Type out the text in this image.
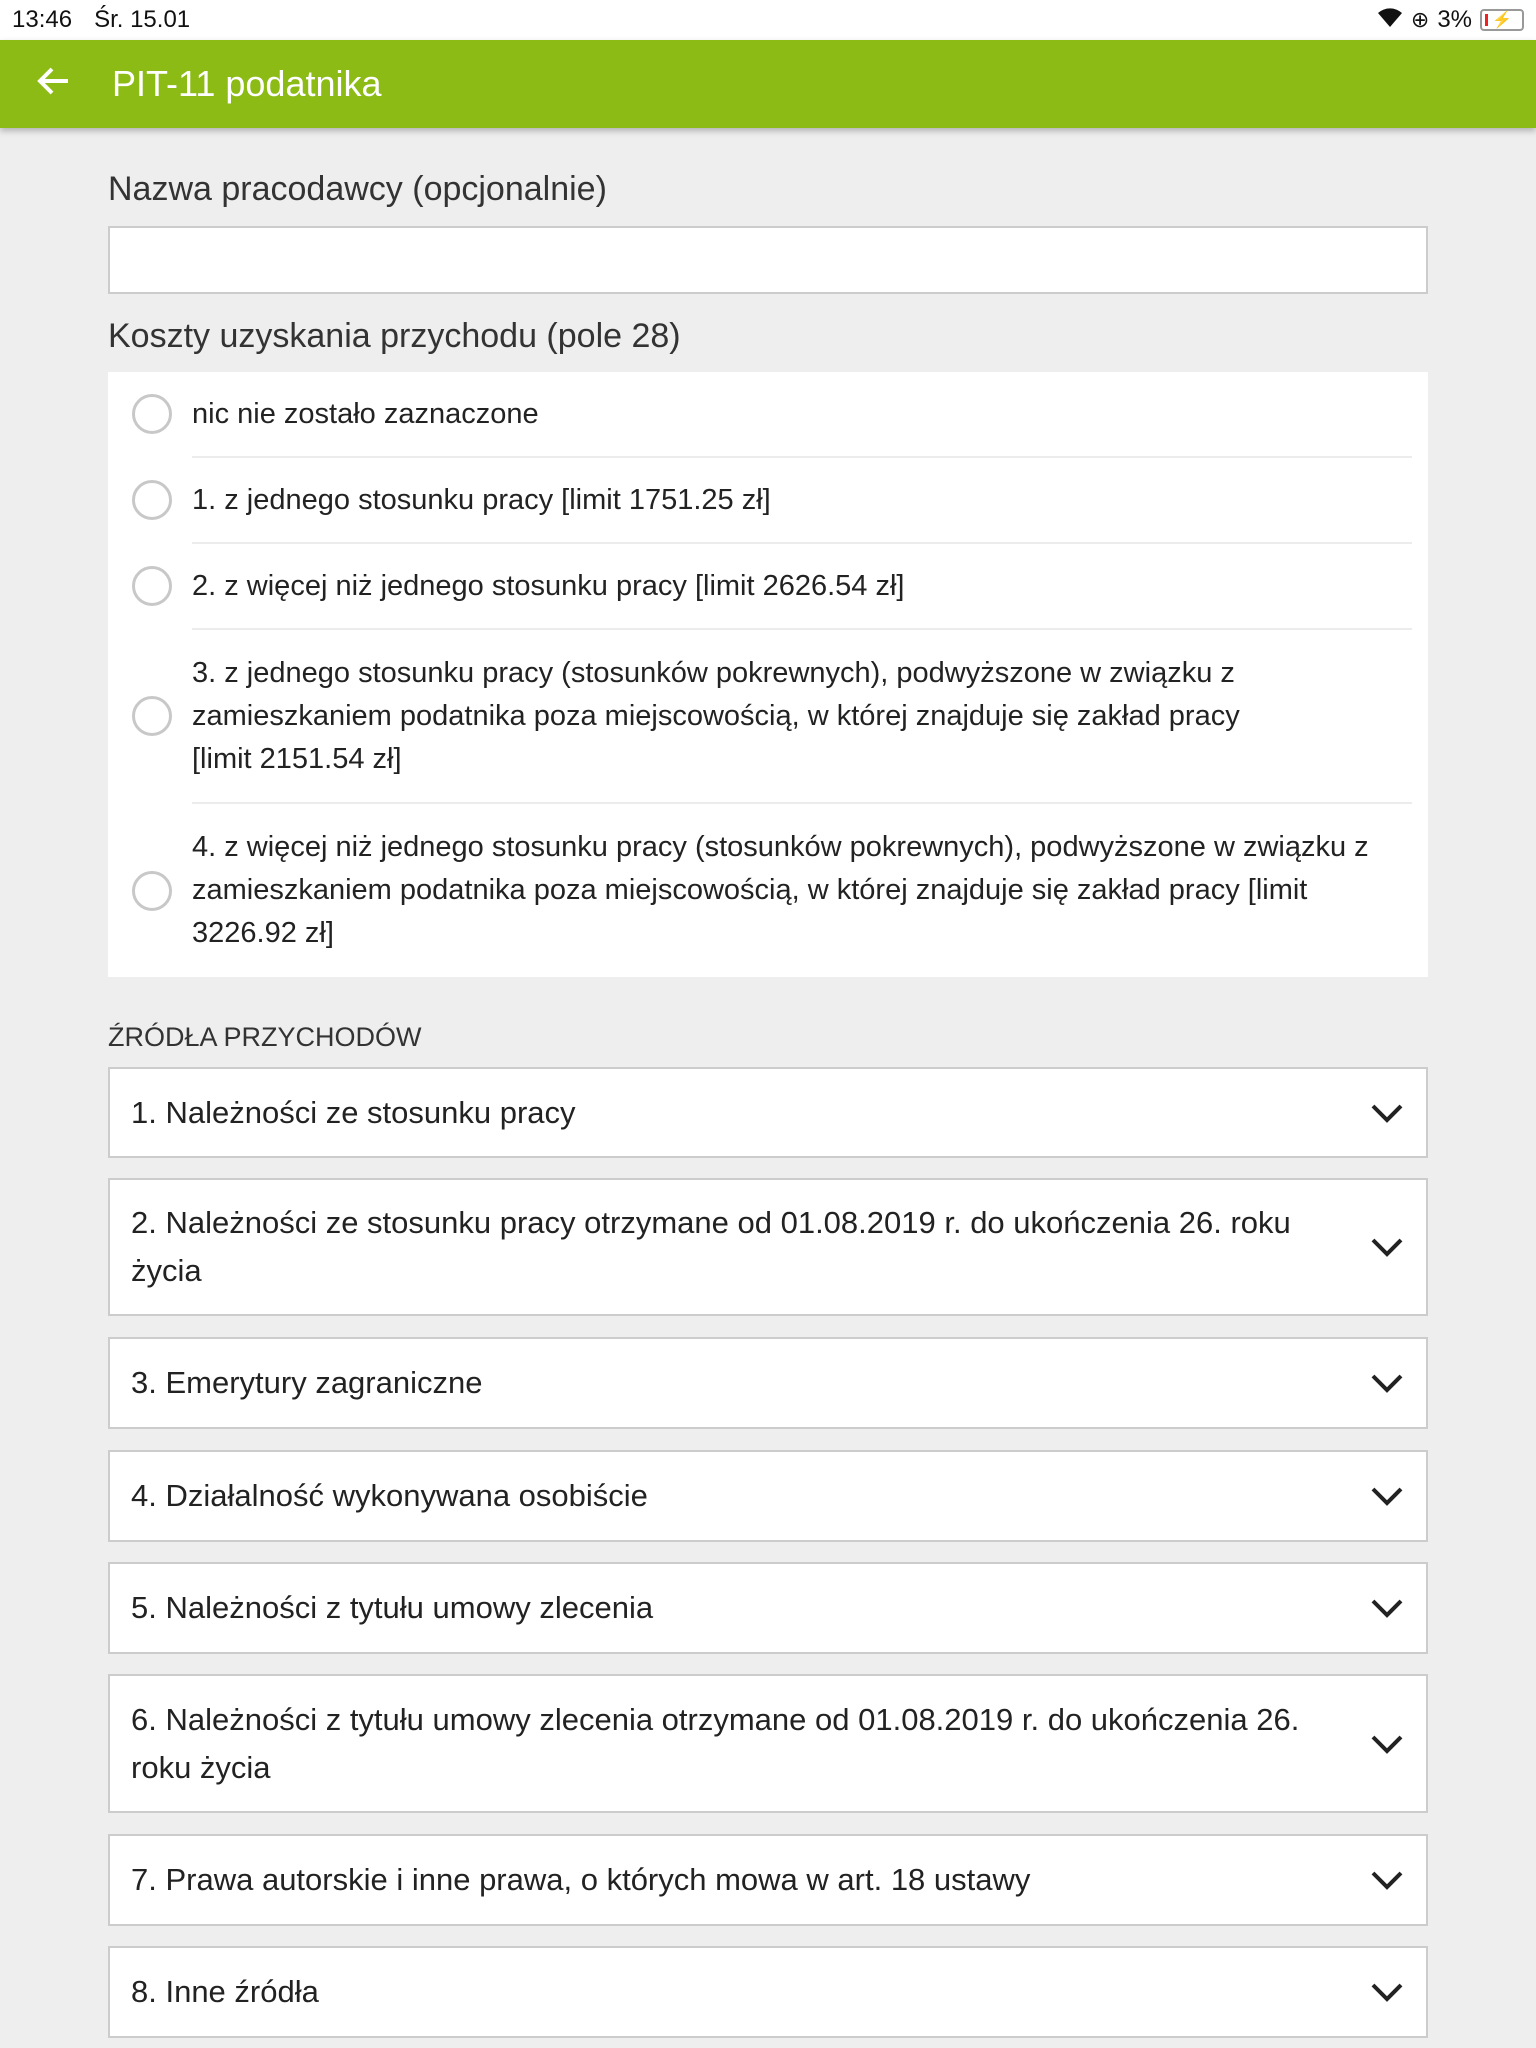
13:46 Śr. 15.01	⊕ 3%	⚡
PIT-11 podatnika
Nazwa pracodawcy (opcjonalnie)
Koszty uzyskania przychodu (pole 28)
nic nie zostało zaznaczone
1. z jednego stosunku pracy [limit 1751.25 zł]
2. z więcej niż jednego stosunku pracy [limit 2626.54 zł]
3. z jednego stosunku pracy (stosunków pokrewnych), podwyższone w związku z zamieszkaniem podatnika poza miejscowością, w której znajduje się zakład pracy [limit 2151.54 zł]
4. z więcej niż jednego stosunku pracy (stosunków pokrewnych), podwyższone w związku z zamieszkaniem podatnika poza miejscowością, w której znajduje się zakład pracy [limit 3226.92 zł]
ŹRÓDŁA PRZYCHODÓW
1. Należności ze stosunku pracy
2. Należności ze stosunku pracy otrzymane od 01.08.2019 r. do ukończenia 26. roku życia
3. Emerytury zagraniczne
4. Działalność wykonywana osobiście
5. Należności z tytułu umowy zlecenia
6. Należności z tytułu umowy zlecenia otrzymane od 01.08.2019 r. do ukończenia 26. roku życia
7. Prawa autorskie i inne prawa, o których mowa w art. 18 ustawy
8. Inne źródła
